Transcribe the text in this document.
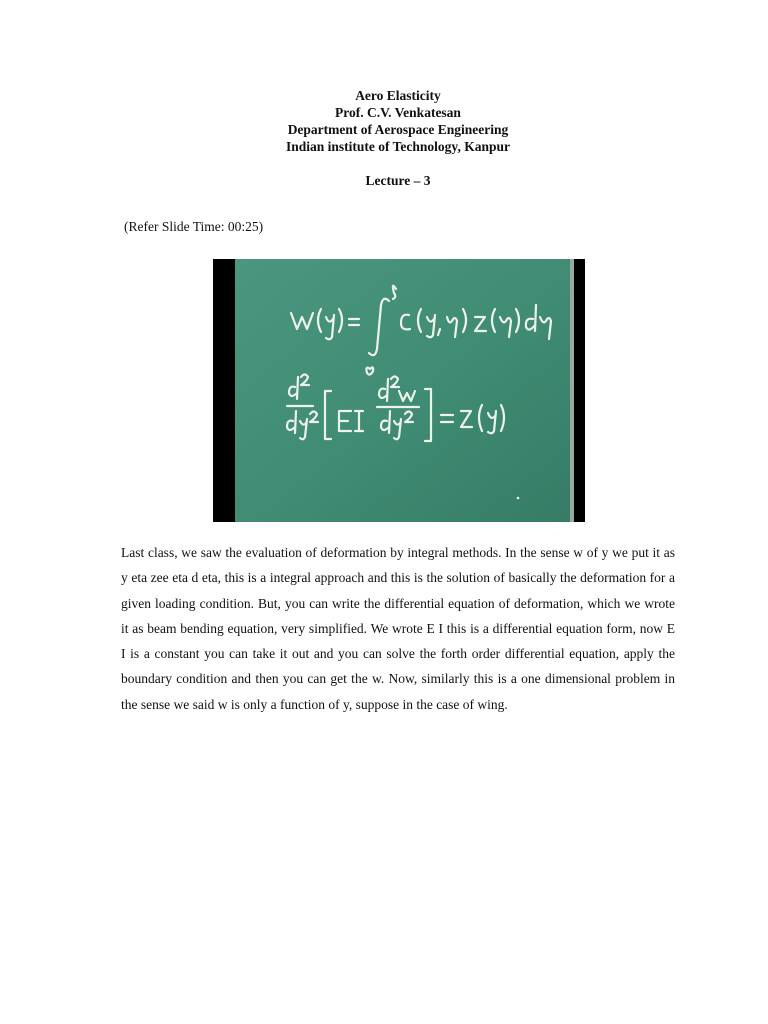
Aero Elasticity
Prof. C.V. Venkatesan
Department of Aerospace Engineering
Indian institute of Technology, Kanpur
Lecture – 3
(Refer Slide Time: 00:25)

Last class, we saw the evaluation of deformation by integral methods. In the sense w of y we put it as y eta zee eta d eta, this is a integral approach and this is the solution of basically the deformation for a given loading condition. But, you can write the differential equation of deformation, which we wrote it as beam bending equation, very simplified. We wrote E I this is a differential equation form, now E I is a constant you can take it out and you can solve the forth order differential equation, apply the boundary condition and then you can get the w. Now, similarly this is a one dimensional problem in the sense we said w is only a function of y, suppose in the case of wing.
